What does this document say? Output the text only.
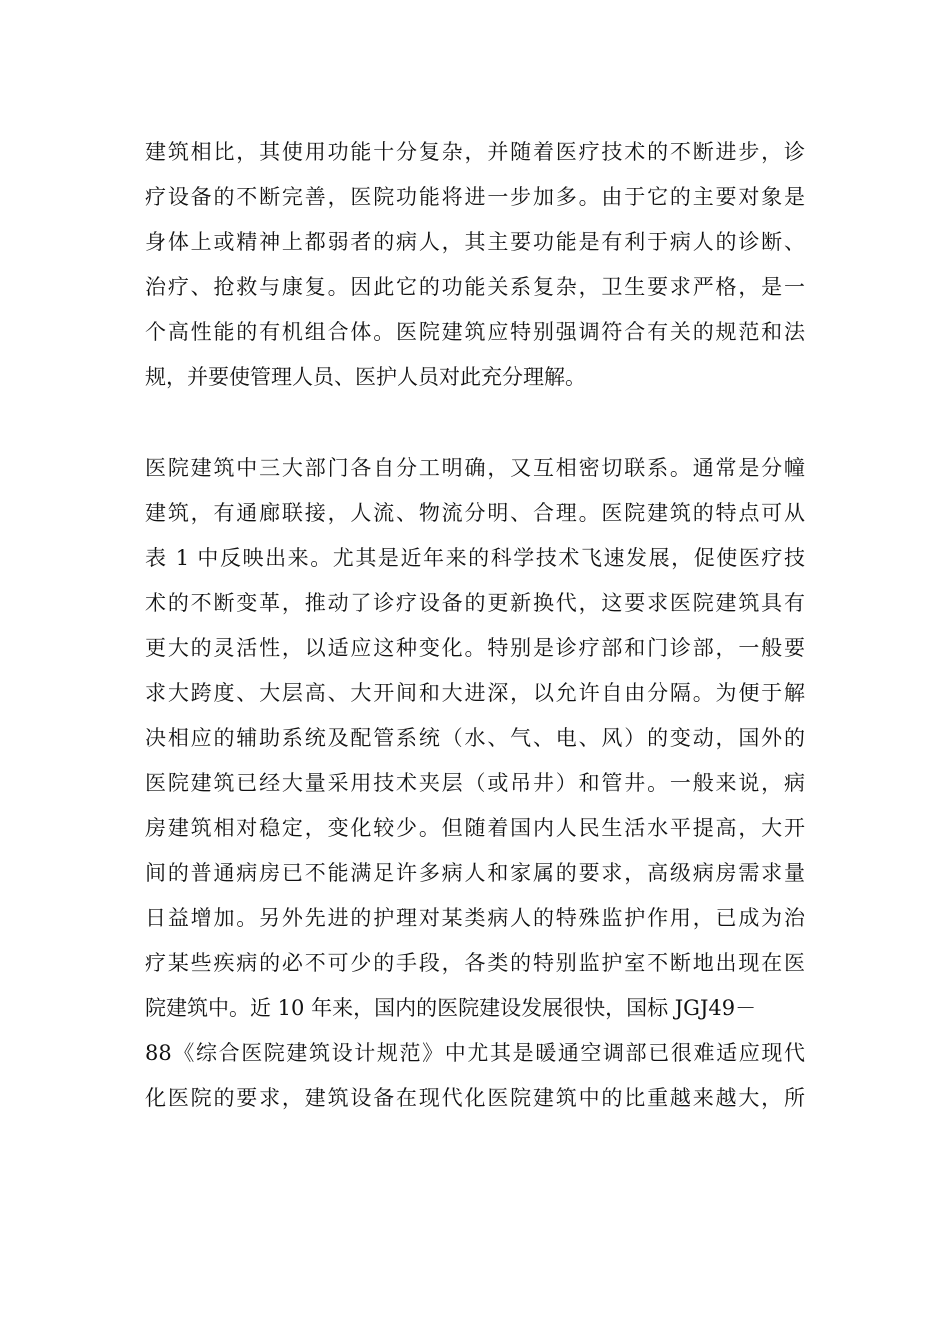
建筑相比，其使用功能十分复杂，并随着医疗技术的不断进步，诊
疗设备的不断完善，医院功能将进一步加多。由于它的主要对象是
身体上或精神上都弱者的病人，其主要功能是有利于病人的诊断、
治疗、抢救与康复。因此它的功能关系复杂，卫生要求严格，是一
个高性能的有机组合体。医院建筑应特别强调符合有关的规范和法
规，并要使管理人员、医护人员对此充分理解。
医院建筑中三大部门各自分工明确，又互相密切联系。通常是分幢
建筑，有通廊联接，人流、物流分明、合理。医院建筑的特点可从
表 1 中反映出来。尤其是近年来的科学技术飞速发展，促使医疗技
术的不断变革，推动了诊疗设备的更新换代，这要求医院建筑具有
更大的灵活性，以适应这种变化。特别是诊疗部和门诊部，一般要
求大跨度、大层高、大开间和大进深，以允许自由分隔。为便于解
决相应的辅助系统及配管系统（水、气、电、风）的变动，国外的
医院建筑已经大量采用技术夹层（或吊井）和管井。一般来说，病
房建筑相对稳定，变化较少。但随着国内人民生活水平提高，大开
间的普通病房已不能满足许多病人和家属的要求，高级病房需求量
日益增加。另外先进的护理对某类病人的特殊监护作用，已成为治
疗某些疾病的必不可少的手段，各类的特别监护室不断地出现在医
院建筑中。近 10 年来，国内的医院建设发展很快，国标 JGJ49－
88《综合医院建筑设计规范》中尤其是暖通空调部已很难适应现代
化医院的要求，建筑设备在现代化医院建筑中的比重越来越大，所
